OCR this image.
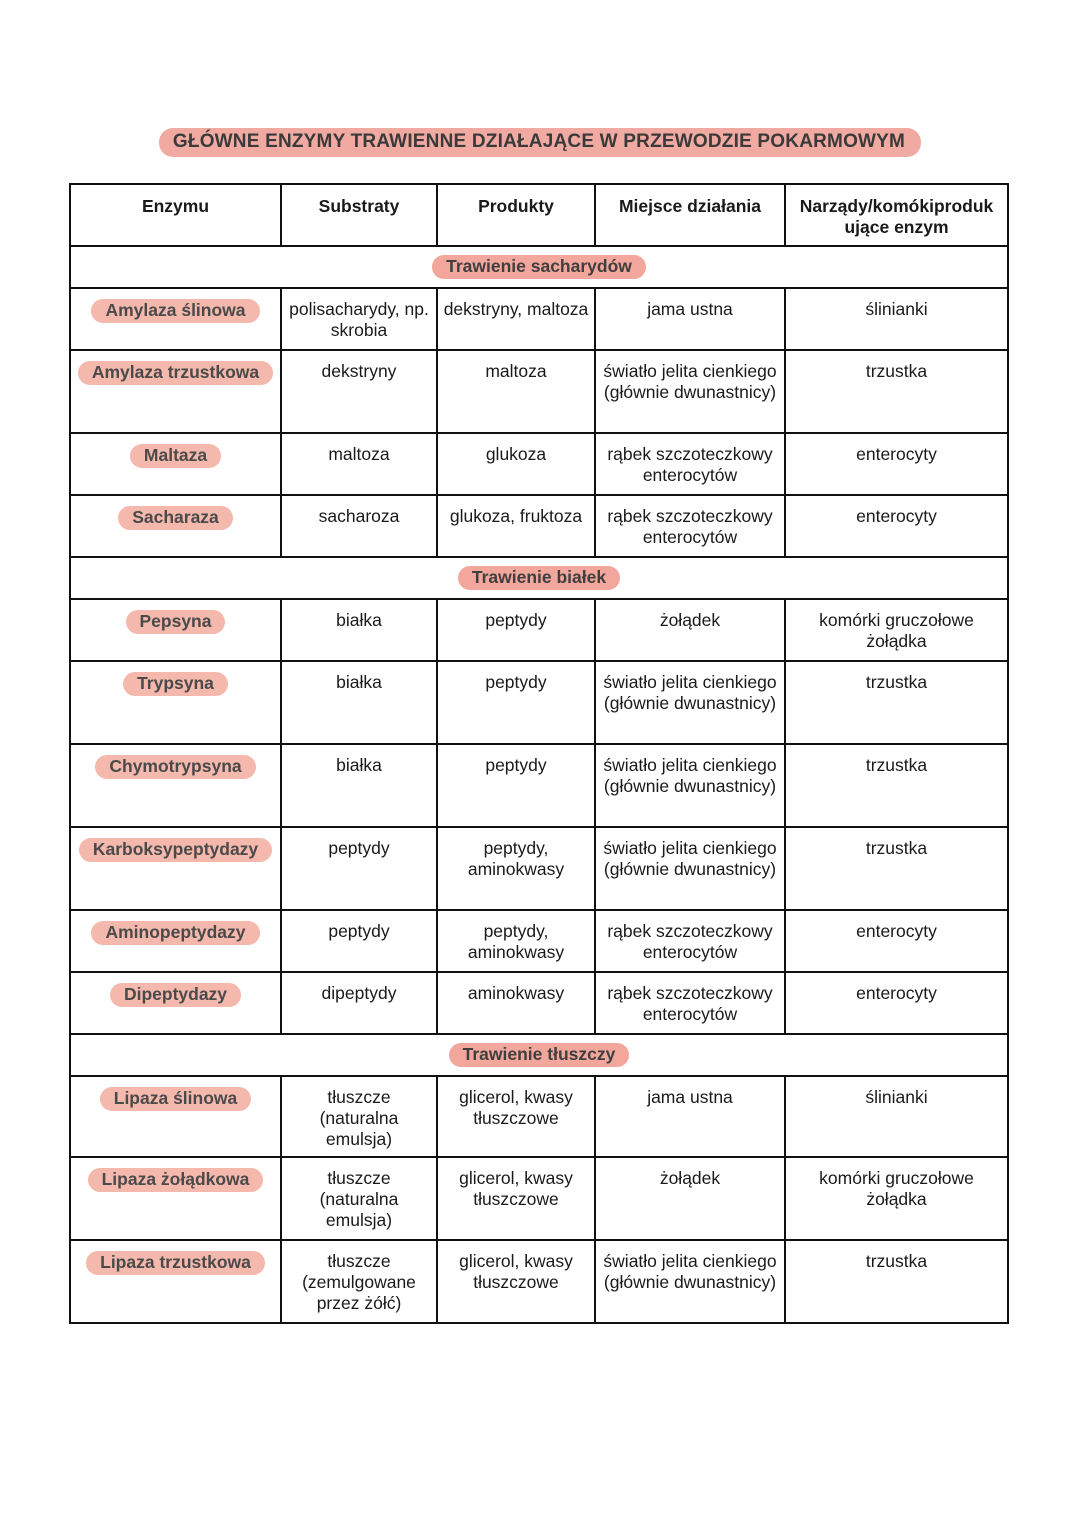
GŁÓWNE ENZYMY TRAWIENNE DZIAŁAJĄCE W PRZEWODZIE POKARMOWYM
Enzymu	Substraty	Produkty	Miejsce działania	Narządy/komókiproduk ujące enzym
Trawienie sacharydów				
Amylaza ślinowa	polisacharydy, np. skrobia	dekstryny, maltoza	jama ustna	ślinianki
Amylaza trzustkowa	dekstryny	maltoza	światło jelita cienkiego (głównie dwunastnicy)	trzustka
Maltaza	maltoza	glukoza	rąbek szczoteczkowy enterocytów	enterocyty
Sacharaza	sacharoza	glukoza, fruktoza	rąbek szczoteczkowy enterocytów	enterocyty
Trawienie białek				
Pepsyna	białka	peptydy	żołądek	komórki gruczołowe żołądka
Trypsyna	białka	peptydy	światło jelita cienkiego (głównie dwunastnicy)	trzustka
Chymotrypsyna	białka	peptydy	światło jelita cienkiego (głównie dwunastnicy)	trzustka
Karboksypeptydazy	peptydy	peptydy, aminokwasy	światło jelita cienkiego (głównie dwunastnicy)	trzustka
Aminopeptydazy	peptydy	peptydy, aminokwasy	rąbek szczoteczkowy enterocytów	enterocyty
Dipeptydazy	dipeptydy	aminokwasy	rąbek szczoteczkowy enterocytów	enterocyty
Trawienie tłuszczy				
Lipaza ślinowa	tłuszcze (naturalna emulsja)	glicerol, kwasy tłuszczowe	jama ustna	ślinianki
Lipaza żołądkowa	tłuszcze (naturalna emulsja)	glicerol, kwasy tłuszczowe	żołądek	komórki gruczołowe żołądka
Lipaza trzustkowa	tłuszcze (zemulgowane przez żółć)	glicerol, kwasy tłuszczowe	światło jelita cienkiego (głównie dwunastnicy)	trzustka
